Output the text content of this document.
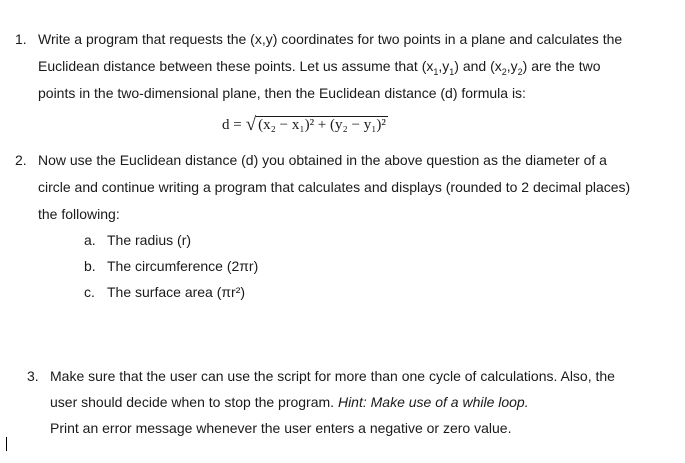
1. Write a program that requests the (x,y) coordinates for two points in a plane and calculates the
Euclidean distance between these points. Let us assume that $(x_1,y_1)$ and $(x_2,y_2)$ are the two
points in the two-dimensional plane, then the Euclidean distance (d) formula is:
d = √ (x₂ − x₁)² + (y₂ − y₁)²
2. Now use the Euclidean distance (d) you obtained in the above question as the diameter of a
circle and continue writing a program that calculates and displays (rounded to 2 decimal places)
the following:
a. The radius (r)
b. The circumference (2πr)
c. The surface area (πr²)
3. Make sure that the user can use the script for more than one cycle of calculations. Also, the
user should decide when to stop the program. Hint: Make use of a while loop.
Print an error message whenever the user enters a negative or zero value.
